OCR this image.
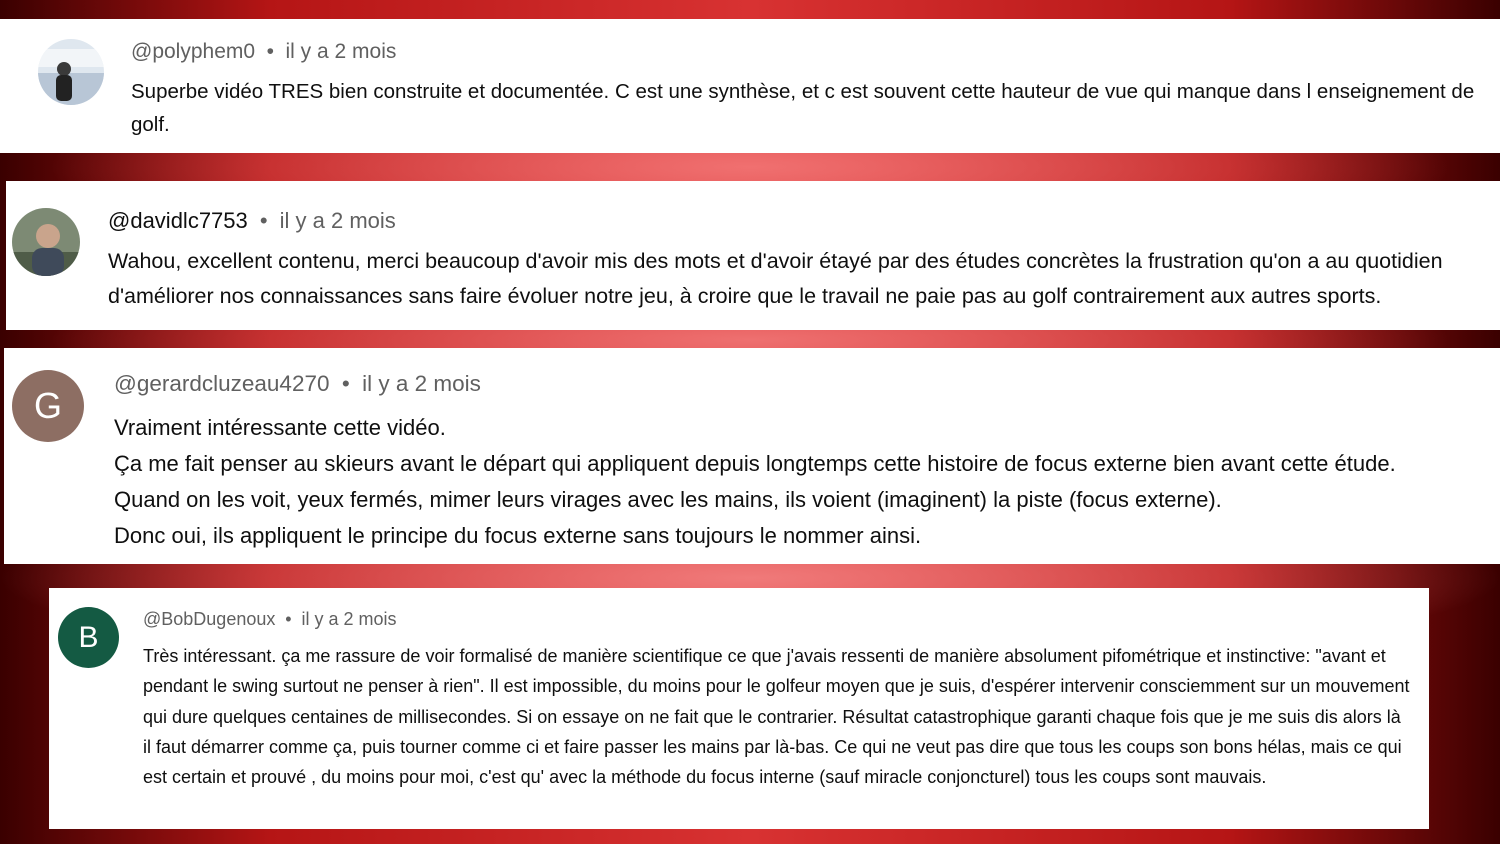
@polyphem0 • il y a 2 mois

Superbe vidéo TRES bien construite et documentée. C est une synthèse, et c est souvent cette hauteur de vue qui manque dans l enseignement de golf.

@davidlc7753 • il y a 2 mois

Wahou, excellent contenu, merci beaucoup d'avoir mis des mots et d'avoir étayé par des études concrètes la frustration qu'on a au quotidien d'améliorer nos connaissances sans faire évoluer notre jeu, à croire que le travail ne paie pas au golf contrairement aux autres sports.

G
@gerardcluzeau4270 • il y a 2 mois

Vraiment intéressante cette vidéo.

Ça me fait penser au skieurs avant le départ qui appliquent depuis longtemps cette histoire de focus externe bien avant cette étude.

Quand on les voit, yeux fermés, mimer leurs virages avec les mains, ils voient (imaginent) la piste (focus externe).

Donc oui, ils appliquent le principe du focus externe sans toujours le nommer ainsi.

B
@BobDugenoux • il y a 2 mois

Très intéressant. ça me rassure de voir formalisé de manière scientifique ce que j'avais ressenti de manière absolument pifométrique et instinctive: "avant et pendant le swing surtout ne penser à rien". Il est impossible, du moins pour le golfeur moyen que je suis, d'espérer intervenir consciemment sur un mouvement qui dure quelques centaines de millisecondes. Si on essaye on ne fait que le contrarier. Résultat catastrophique garanti chaque fois que je me suis dis alors là il faut démarrer comme ça, puis tourner comme ci et faire passer les mains par là-bas. Ce qui ne veut pas dire que tous les coups son bons hélas, mais ce qui est certain et prouvé , du moins pour moi, c'est qu' avec la méthode du focus interne (sauf miracle conjoncturel) tous les coups sont mauvais.
